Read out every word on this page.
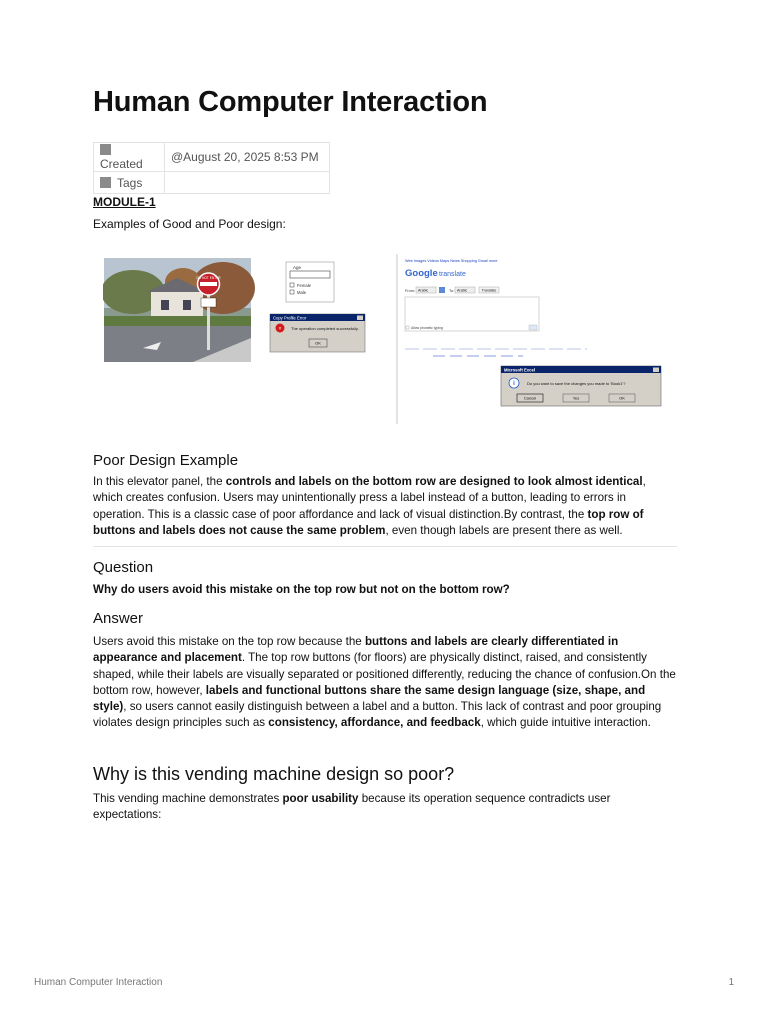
Human Computer Interaction
Created	@August 20, 2025 8:53 PM
Tags	
MODULE-1
Examples of Good and Poor design:
DO NOT ENTER
Age
Female
Male
Copy Profile Error
× The operation completed successfully.
OK
Web Images Videos Maps News Shopping Gmail more
Google translate
From: Arabic	To: Arabic	Translate
Allow phonetic typing
Microsoft Excel
i	Do you want to save the changes you made to 'Book1'?
Cancel	Yes	OK
Poor Design Example

In this elevator panel, the controls and labels on the bottom row are designed to look almost identical, which creates confusion. Users may unintentionally press a label instead of a button, leading to errors in operation. This is a classic case of poor affordance and lack of visual distinction.By contrast, the top row of buttons and labels does not cause the same problem, even though labels are present there as well.

Question

Why do users avoid this mistake on the top row but not on the bottom row?

Answer

Users avoid this mistake on the top row because the buttons and labels are clearly differentiated in appearance and placement. The top row buttons (for floors) are physically distinct, raised, and consistently shaped, while their labels are visually separated or positioned differently, reducing the chance of confusion.On the bottom row, however, labels and functional buttons share the same design language (size, shape, and style), so users cannot easily distinguish between a label and a button. This lack of contrast and poor grouping violates design principles such as consistency, affordance, and feedback, which guide intuitive interaction.

Why is this vending machine design so poor?

This vending machine demonstrates poor usability because its operation sequence contradicts user expectations:

Human Computer Interaction	1
